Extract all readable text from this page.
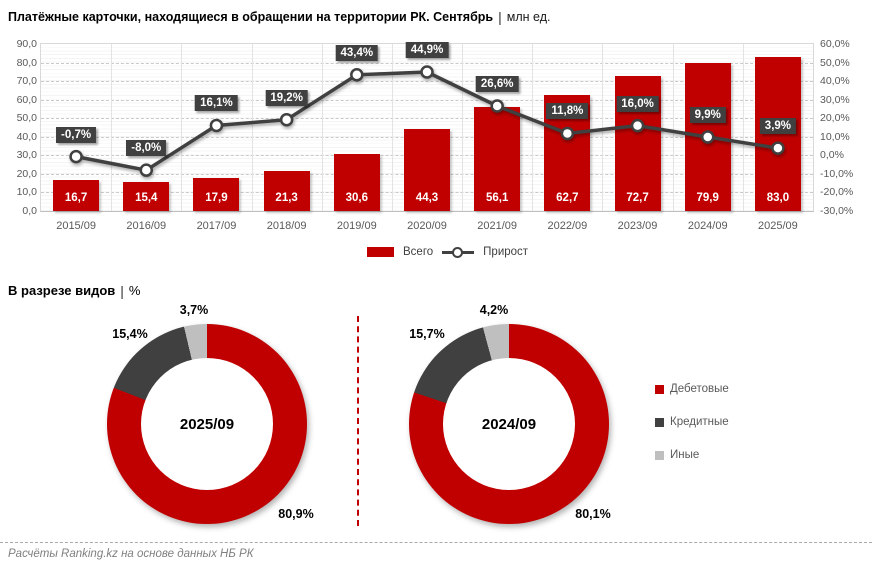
Платёжные карточки, находящиеся в обращении на территории РК. Сентябрь | млн ед.
90,0	60,0%
80,0	50,0%
70,0	40,0%
60,0	30,0%
50,0	20,0%
40,0	10,0%
30,0	0,0%
20,0	-10,0%
10,0	-20,0%
0,0	-30,0%
2015/09
16,7
2016/09
15,4
2017/09
17,9
2018/09
21,3
2019/09
30,6
2020/09
44,3
2021/09
56,1
2022/09
62,7
2023/09
72,7
2024/09
79,9
2025/09
83,0
-0,7%
-8,0%
16,1%	19,2%
43,4%	44,9%
26,6%
11,8%
16,0%
9,9%
3,9%
Всего	Прирост
В разрезе видов | %
2025/09
3,7%
15,4%
80,9%
2024/09
4,2%
15,7%
80,1%
Дебетовые
Кредитные
Иные
Расчёты Ranking.kz на основе данных НБ РК
